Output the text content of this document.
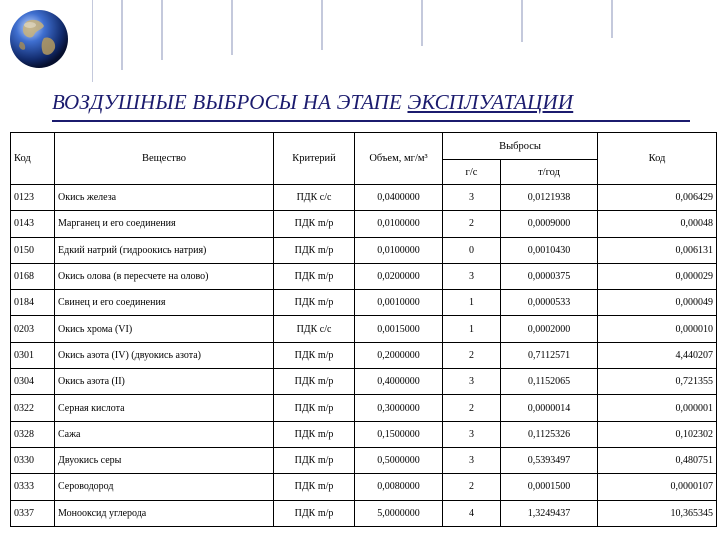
ВОЗДУШНЫЕ ВЫБРОСЫ НА ЭТАПЕ ЭКСПЛУАТАЦИИ
Код	Вещество	Критерий	Объем, мг/м³	Выбросы		Код
				г/с	т/год	
0123	Окись железа	ПДК с/с	0,0400000	3	0,0121938	0,006429
0143	Марганец и его соединения	ПДК m/р	0,0100000	2	0,0009000	0,00048
0150	Едкий натрий (гидроокись натрия)	ПДК m/р	0,0100000	0	0,0010430	0,006131
0168	Окись олова (в пересчете на олово)	ПДК m/р	0,0200000	3	0,0000375	0,000029
0184	Свинец и его соединения	ПДК m/р	0,0010000	1	0,0000533	0,000049
0203	Окись хрома (VI)	ПДК с/с	0,0015000	1	0,0002000	0,000010
0301	Окись азота (IV) (двуокись азота)	ПДК m/р	0,2000000	2	0,7112571	4,440207
0304	Окись азота (II)	ПДК m/р	0,4000000	3	0,1152065	0,721355
0322	Серная кислота	ПДК m/р	0,3000000	2	0,0000014	0,000001
0328	Сажа	ПДК m/р	0,1500000	3	0,1125326	0,102302
0330	Двуокись серы	ПДК m/р	0,5000000	3	0,5393497	0,480751
0333	Сероводород	ПДК m/р	0,0080000	2	0,0001500	0,0000107
0337	Монооксид углерода	ПДК m/р	5,0000000	4	1,3249437	10,365345
